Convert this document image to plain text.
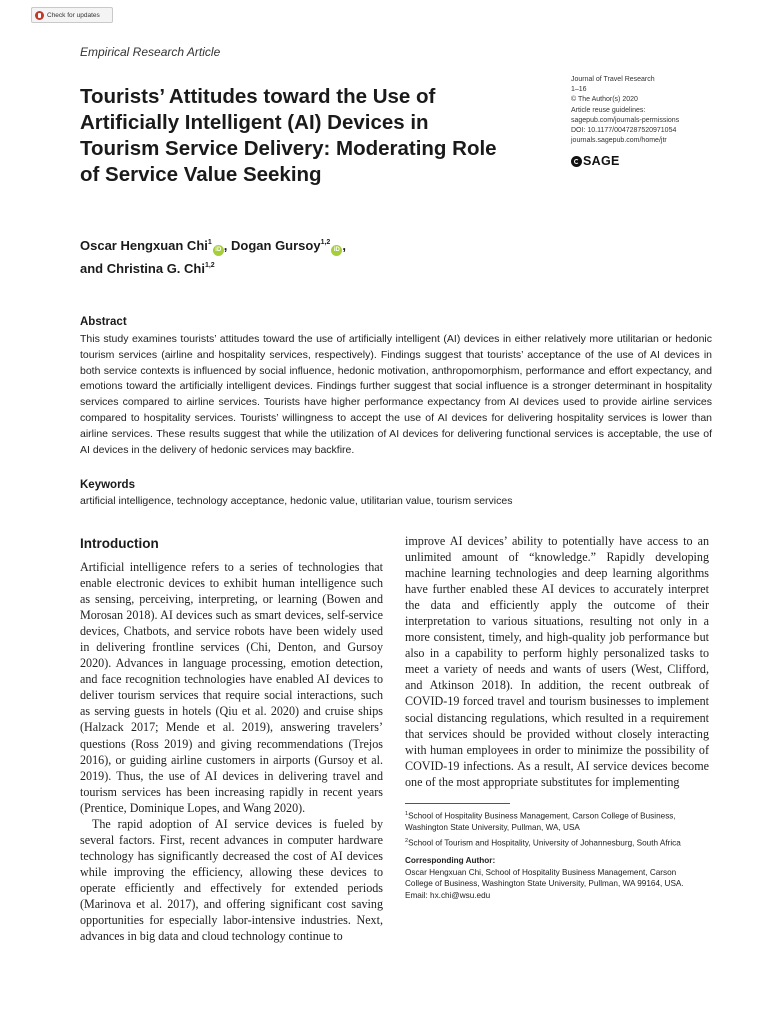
Check for updates
Empirical Research Article
Tourists’ Attitudes toward the Use of Artificially Intelligent (AI) Devices in Tourism Service Delivery: Moderating Role of Service Value Seeking
Journal of Travel Research
1–16
© The Author(s) 2020
Article reuse guidelines:
sagepub.com/journals-permissions
DOI: 10.1177/0047287520971054
journals.sagepub.com/home/jtr
SAGE
Oscar Hengxuan Chi$^1$iD , Dogan Gursoy$^{1,2}$iD ,
and Christina G. Chi$^{1,2}$
Abstract
This study examines tourists’ attitudes toward the use of artificially intelligent (AI) devices in either relatively more utilitarian or hedonic tourism services (airline and hospitality services, respectively). Findings suggest that tourists’ acceptance of the use of AI devices in both service contexts is influenced by social influence, hedonic motivation, anthropomorphism, performance and effort expectancy, and emotions toward the artificially intelligent devices. Findings further suggest that social influence is a stronger determinant in hospitality services compared to airline services. Tourists have higher performance expectancy from AI devices used to provide airline services compared to hospitality services. Tourists’ willingness to accept the use of AI devices for delivering hospitality services is lower than airline services. These results suggest that while the utilization of AI devices for delivering functional services is acceptable, the use of AI devices in the delivery of hedonic services may backfire.
Keywords
artificial intelligence, technology acceptance, hedonic value, utilitarian value, tourism services
Introduction

Artificial intelligence refers to a series of technologies that enable electronic devices to exhibit human intelligence such as sensing, perceiving, interpreting, or learning (Bowen and Morosan 2018). AI devices such as smart devices, self-service devices, Chatbots, and service robots have been widely used in delivering frontline services (Chi, Denton, and Gursoy 2020). Advances in language processing, emotion detection, and face recognition technologies have enabled AI devices to deliver tourism services that require social interactions, such as serving guests in hotels (Qiu et al. 2020) and cruise ships (Halzack 2017; Mende et al. 2019), answering travelers’ questions (Ross 2019) and giving recommendations (Trejos 2016), or guiding airline customers in airports (Gursoy et al. 2019). Thus, the use of AI devices in delivering travel and tourism services has been increasing rapidly in recent years (Prentice, Dominique Lopes, and Wang 2020).

The rapid adoption of AI service devices is fueled by several factors. First, recent advances in computer hardware technology has significantly decreased the cost of AI devices while improving the efficiency, allowing these devices to operate efficiently and effectively for extended periods (Marinova et al. 2017), and offering significant cost saving opportunities for especially labor-intensive industries. Next, advances in big data and cloud technology continue to

improve AI devices’ ability to potentially have access to an unlimited amount of “knowledge.” Rapidly developing machine learning technologies and deep learning algorithms have further enabled these AI devices to accurately interpret the data and efficiently apply the outcome of their interpretation to various situations, resulting not only in a more consistent, timely, and high-quality job performance but also in a capability to perform highly personalized tasks to meet a variety of needs and wants of users (West, Clifford, and Atkinson 2018). In addition, the recent outbreak of COVID-19 forced travel and tourism businesses to implement social distancing regulations, which resulted in a requirement that services should be provided without closely interacting with human employees in order to minimize the possibility of COVID-19 infections. As a result, AI service devices become one of the most appropriate substitutes for implementing

$^1$School of Hospitality Business Management, Carson College of Business, Washington State University, Pullman, WA, USA
$^2$School of Tourism and Hospitality, University of Johannesburg, South Africa
Corresponding Author:
Oscar Hengxuan Chi, School of Hospitality Business Management, Carson College of Business, Washington State University, Pullman, WA 99164, USA.
Email: hx.chi@wsu.edu
